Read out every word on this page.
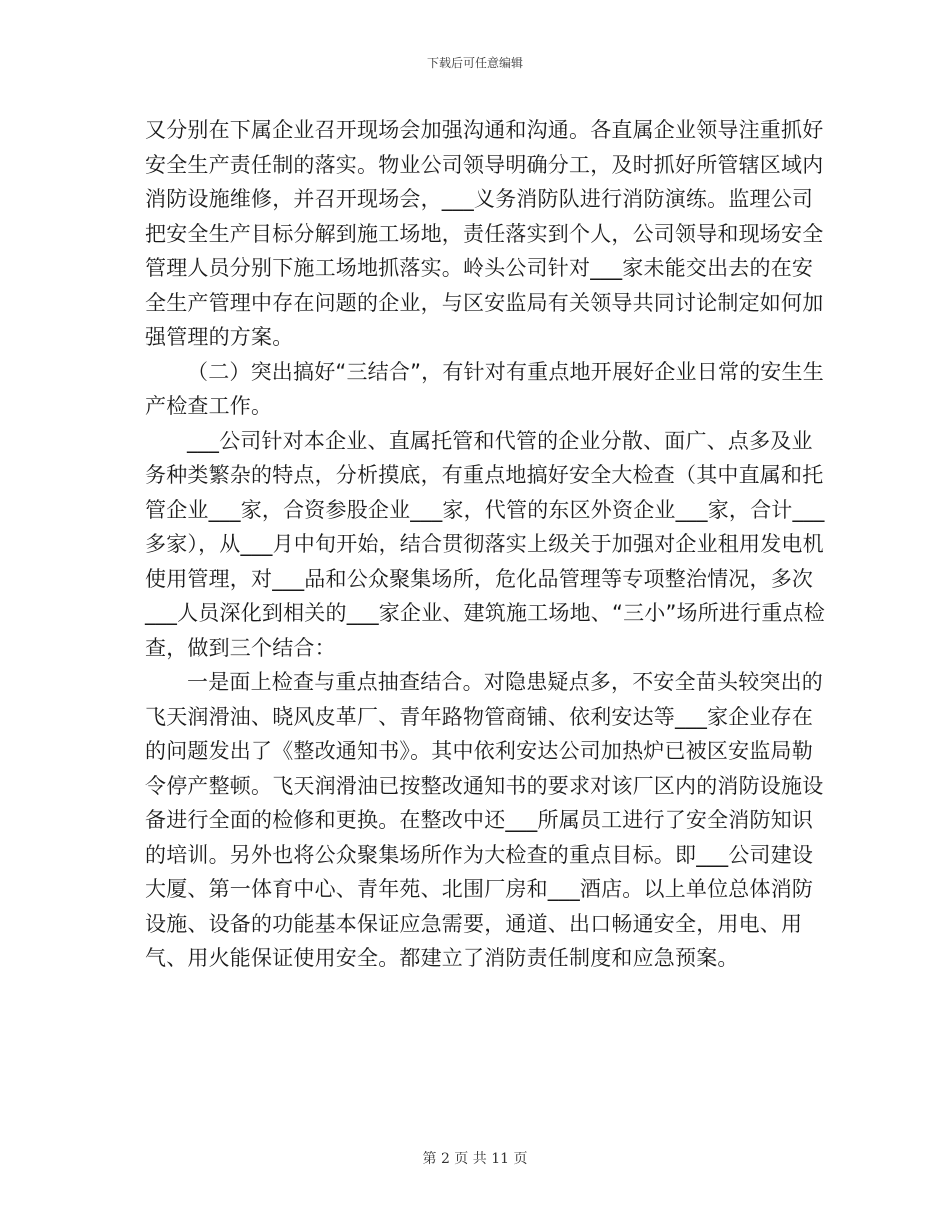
下载后可任意编辑

又分别在下属企业召开现场会加强沟通和沟通。各直属企业领导注重抓好安全生产责任制的落实。物业公司领导明确分工，及时抓好所管辖区域内消防设施维修，并召开现场会，___义务消防队进行消防演练。监理公司把安全生产目标分解到施工场地，责任落实到个人，公司领导和现场安全管理人员分别下施工场地抓落实。岭头公司针对___家未能交出去的在安全生产管理中存在问题的企业，与区安监局有关领导共同讨论制定如何加强管理的方案。

（二）突出搞好“三结合”，有针对有重点地开展好企业日常的安生生产检查工作。

___公司针对本企业、直属托管和代管的企业分散、面广、点多及业务种类繁杂的特点，分析摸底，有重点地搞好安全大检查（其中直属和托管企业___家，合资参股企业___家，代管的东区外资企业___家，合计___多家），从___月中旬开始，结合贯彻落实上级关于加强对企业租用发电机使用管理，对___品和公众聚集场所，危化品管理等专项整治情况，多次___人员深化到相关的___家企业、建筑施工场地、“三小”场所进行重点检查，做到三个结合：

一是面上检查与重点抽查结合。对隐患疑点多，不安全苗头较突出的飞天润滑油、晓风皮革厂、青年路物管商铺、依利安达等___家企业存在的问题发出了《整改通知书》。其中依利安达公司加热炉已被区安监局勒令停产整顿。飞天润滑油已按整改通知书的要求对该厂区内的消防设施设备进行全面的检修和更换。在整改中还___所属员工进行了安全消防知识的培训。另外也将公众聚集场所作为大检查的重点目标。即___公司建设大厦、第一体育中心、青年苑、北围厂房和___酒店。以上单位总体消防设施、设备的功能基本保证应急需要，通道、出口畅通安全，用电、用气、用火能保证使用安全。都建立了消防责任制度和应急预案。

第 2 页 共 11 页
